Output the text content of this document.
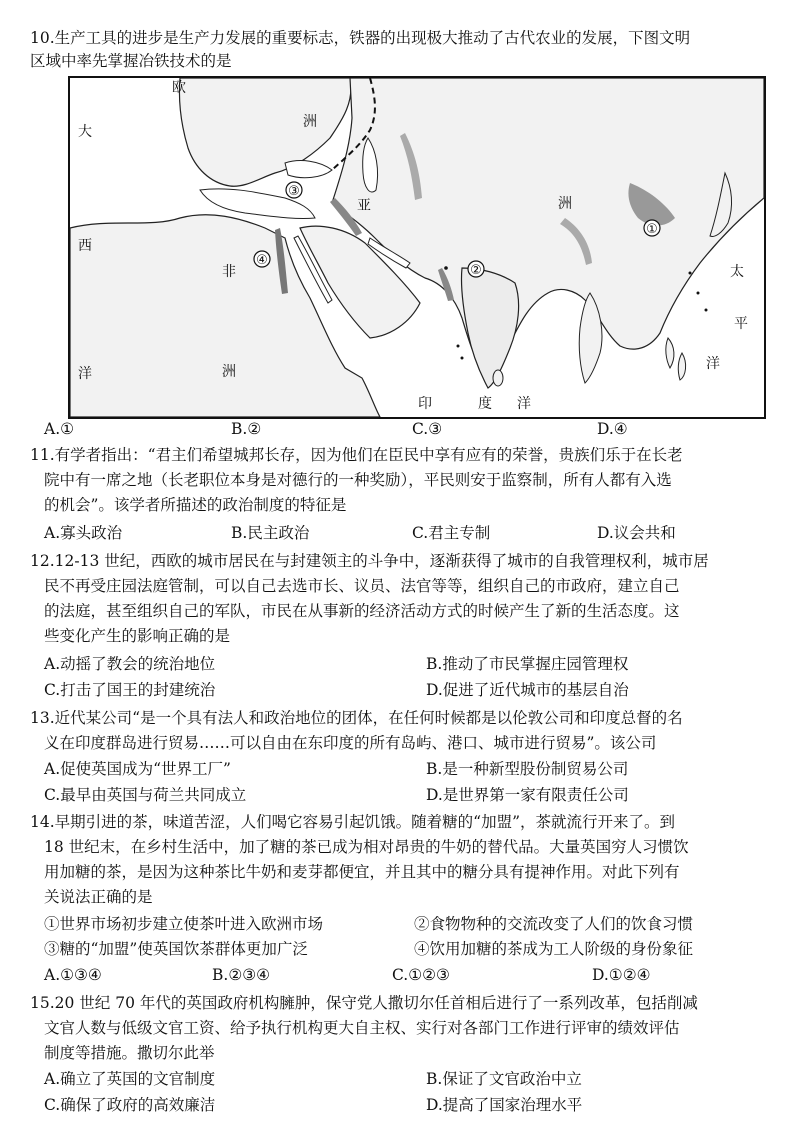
10.生产工具的进步是生产力发展的重要标志，铁器的出现极大推动了古代农业的发展，下图文明
区域中率先掌握冶铁技术的是
大
西
洋
欧
洲
亚	洲
非
洲
太
平
洋
印	度 洋
①
②
③
④
A.①	B.②	C.③	D.④
11.有学者指出：“君主们希望城邦长存，因为他们在臣民中享有应有的荣誉，贵族们乐于在长老
院中有一席之地（长老职位本身是对德行的一种奖励），平民则安于监察制，所有人都有入选
的机会”。该学者所描述的政治制度的特征是
A.寡头政治	B.民主政治	C.君主专制	D.议会共和
12.12-13 世纪，西欧的城市居民在与封建领主的斗争中，逐渐获得了城市的自我管理权利，城市居
民不再受庄园法庭管制，可以自己去选市长、议员、法官等等，组织自己的市政府，建立自己
的法庭，甚至组织自己的军队，市民在从事新的经济活动方式的时候产生了新的生活态度。这
些变化产生的影响正确的是
A.动摇了教会的统治地位	B.推动了市民掌握庄园管理权
C.打击了国王的封建统治	D.促进了近代城市的基层自治
13.近代某公司“是一个具有法人和政治地位的团体，在任何时候都是以伦敦公司和印度总督的名
义在印度群岛进行贸易……可以自由在东印度的所有岛屿、港口、城市进行贸易”。该公司
A.促使英国成为“世界工厂”	B.是一种新型股份制贸易公司
C.最早由英国与荷兰共同成立	D.是世界第一家有限责任公司
14.早期引进的茶，味道苦涩，人们喝它容易引起饥饿。随着糖的“加盟”，茶就流行开来了。到
18 世纪末，在乡村生活中，加了糖的茶已成为相对昂贵的牛奶的替代品。大量英国穷人习惯饮
用加糖的茶，是因为这种茶比牛奶和麦芽都便宜，并且其中的糖分具有提神作用。对此下列有
关说法正确的是
①世界市场初步建立使茶叶进入欧洲市场	②食物物种的交流改变了人们的饮食习惯
③糖的“加盟”使英国饮茶群体更加广泛	④饮用加糖的茶成为工人阶级的身份象征
A.①③④	B.②③④	C.①②③	D.①②④
15.20 世纪 70 年代的英国政府机构臃肿，保守党人撒切尔任首相后进行了一系列改革，包括削减
文官人数与低级文官工资、给予执行机构更大自主权、实行对各部门工作进行评审的绩效评估
制度等措施。撒切尔此举
A.确立了英国的文官制度	B.保证了文官政治中立
C.确保了政府的高效廉洁	D.提高了国家治理水平
